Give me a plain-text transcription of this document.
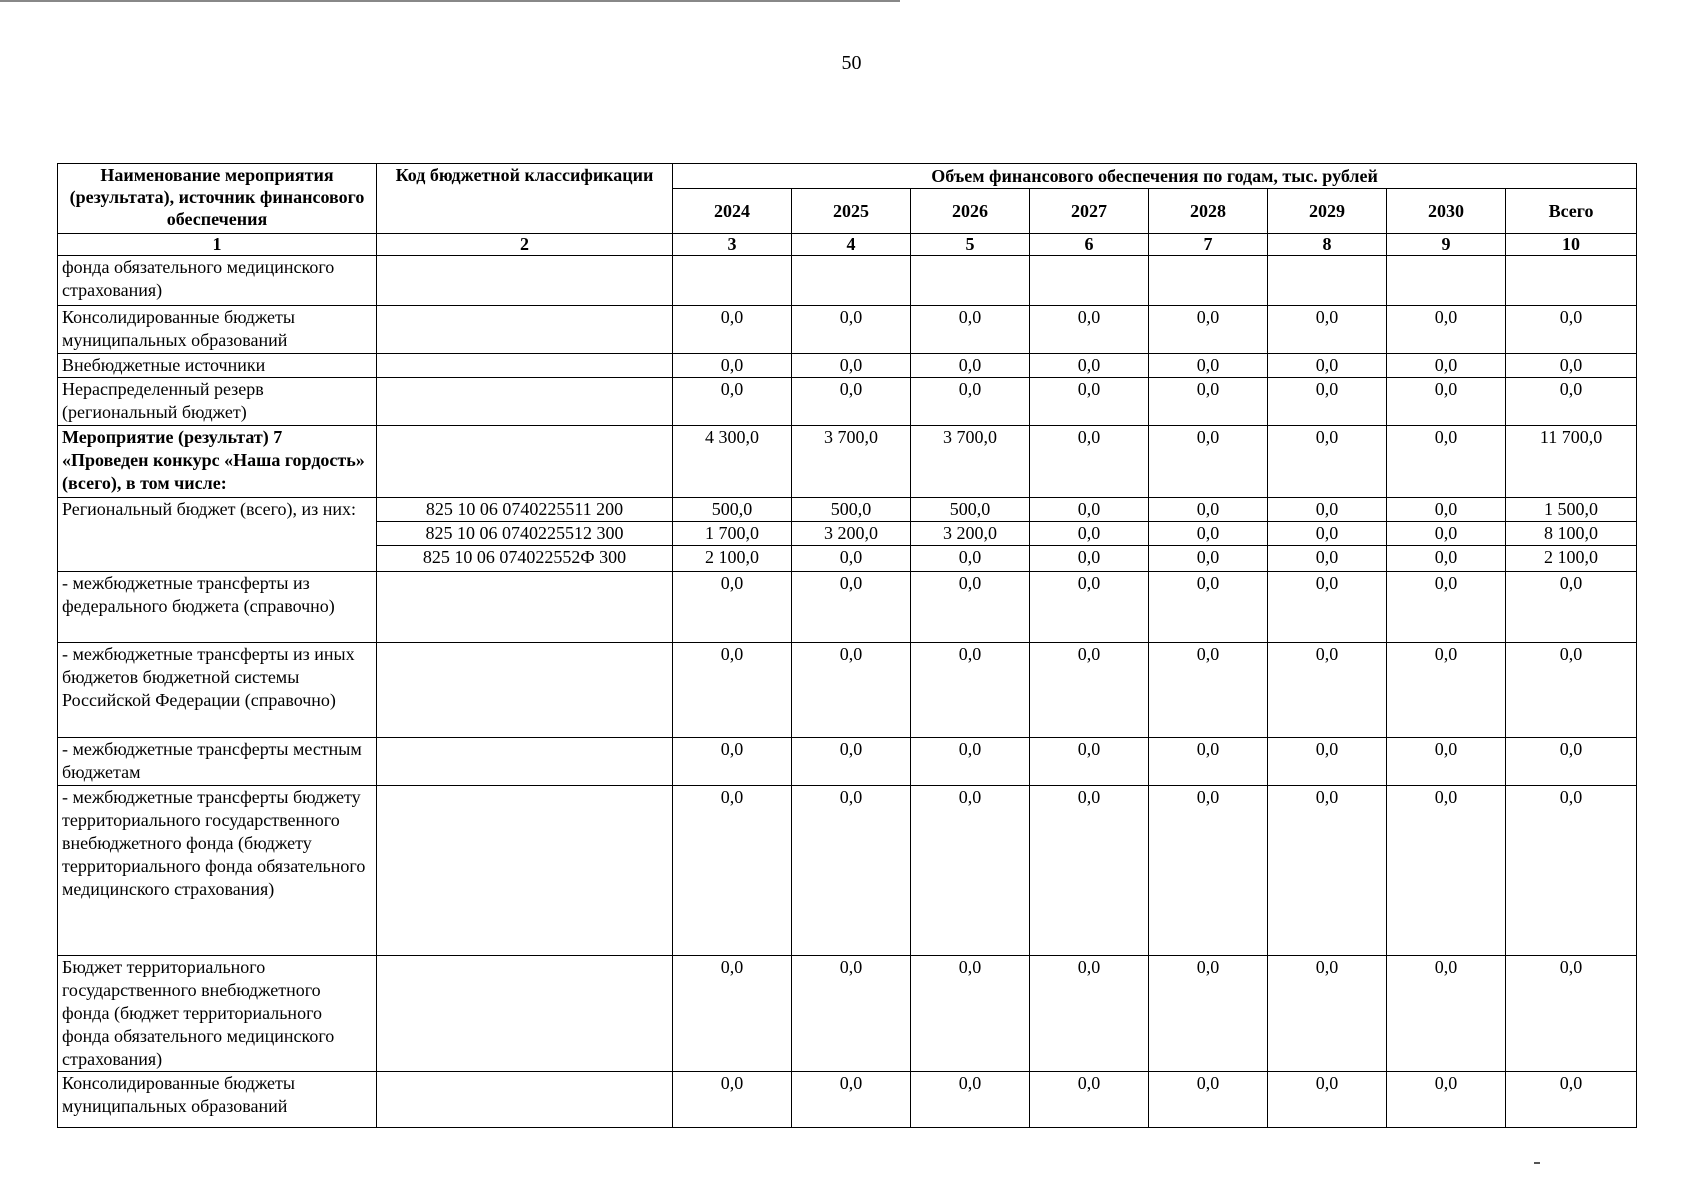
50
Наименование мероприятия (результата), источник финансового обеспечения	Код бюджетной классификации	Объем финансового обеспечения по годам, тыс. рублей							
		2024	2025	2026	2027	2028	2029	2030	Всего
1	2	3	4	5	6	7	8	9	10
фонда обязательного медицинского страхования)									
Консолидированные бюджеты муниципальных образований		0,0	0,0	0,0	0,0	0,0	0,0	0,0	0,0
Внебюджетные источники		0,0	0,0	0,0	0,0	0,0	0,0	0,0	0,0
Нераспределенный резерв (региональный бюджет)		0,0	0,0	0,0	0,0	0,0	0,0	0,0	0,0
Мероприятие (результат) 7 «Проведен конкурс «Наша гордость» (всего), в том числе:		4 300,0	3 700,0	3 700,0	0,0	0,0	0,0	0,0	11 700,0
Региональный бюджет (всего), из них:	825 10 06 0740225511 200	500,0	500,0	500,0	0,0	0,0	0,0	0,0	1 500,0
	825 10 06 0740225512 300	1 700,0	3 200,0	3 200,0	0,0	0,0	0,0	0,0	8 100,0
	825 10 06 074022552Ф 300	2 100,0	0,0	0,0	0,0	0,0	0,0	0,0	2 100,0
- межбюджетные трансферты из федерального бюджета (справочно)		0,0	0,0	0,0	0,0	0,0	0,0	0,0	0,0
- межбюджетные трансферты из иных бюджетов бюджетной системы Российской Федерации (справочно)		0,0	0,0	0,0	0,0	0,0	0,0	0,0	0,0
- межбюджетные трансферты местным бюджетам		0,0	0,0	0,0	0,0	0,0	0,0	0,0	0,0
- межбюджетные трансферты бюджету территориального государственного внебюджетного фонда (бюджету территориального фонда обязательного медицинского страхования)		0,0	0,0	0,0	0,0	0,0	0,0	0,0	0,0
Бюджет территориального государственного внебюджетного фонда (бюджет территориального фонда обязательного медицинского страхования)		0,0	0,0	0,0	0,0	0,0	0,0	0,0	0,0
Консолидированные бюджеты муниципальных образований		0,0	0,0	0,0	0,0	0,0	0,0	0,0	0,0
